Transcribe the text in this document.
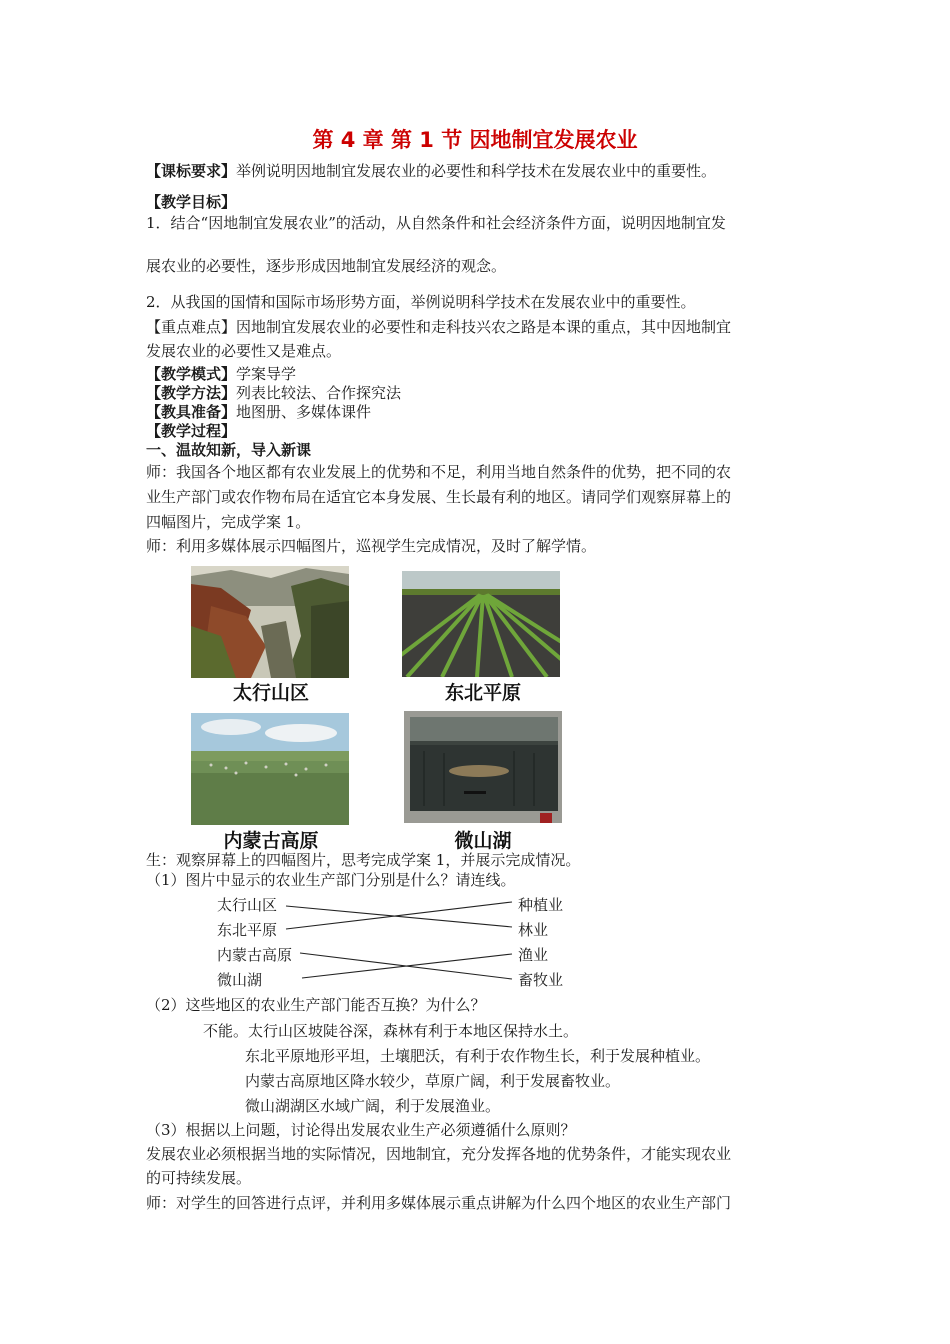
第 4 章 第 1 节 因地制宜发展农业
【课标要求】举例说明因地制宜发展农业的必要性和科学技术在发展农业中的重要性。
【教学目标】
1．结合“因地制宜发展农业”的活动，从自然条件和社会经济条件方面，说明因地制宜发
展农业的必要性，逐步形成因地制宜发展经济的观念。
2．从我国的国情和国际市场形势方面，举例说明科学技术在发展农业中的重要性。
【重点难点】因地制宜发展农业的必要性和走科技兴农之路是本课的重点，其中因地制宜
发展农业的必要性又是难点。
【教学模式】学案导学
【教学方法】列表比较法、合作探究法
【教具准备】地图册、多媒体课件
【教学过程】
一、温故知新，导入新课
师：我国各个地区都有农业发展上的优势和不足，利用当地自然条件的优势，把不同的农
业生产部门或农作物布局在适宜它本身发展、生长最有利的地区。请同学们观察屏幕上的
四幅图片，完成学案 1。
师：利用多媒体展示四幅图片，巡视学生完成情况，及时了解学情。
太行山区	东北平原
内蒙古高原	微山湖
生：观察屏幕上的四幅图片，思考完成学案 1，并展示完成情况。
（1）图片中显示的农业生产部门分别是什么？请连线。
太行山区
东北平原
内蒙古高原
微山湖
种植业
林业
渔业
畜牧业
（2）这些地区的农业生产部门能否互换？为什么？
不能。太行山区坡陡谷深，森林有利于本地区保持水土。
东北平原地形平坦，土壤肥沃，有利于农作物生长，利于发展种植业。
内蒙古高原地区降水较少，草原广阔，利于发展畜牧业。
微山湖湖区水域广阔，利于发展渔业。
（3）根据以上问题，讨论得出发展农业生产必须遵循什么原则？
发展农业必须根据当地的实际情况，因地制宜，充分发挥各地的优势条件，才能实现农业
的可持续发展。
师：对学生的回答进行点评，并利用多媒体展示重点讲解为什么四个地区的农业生产部门
